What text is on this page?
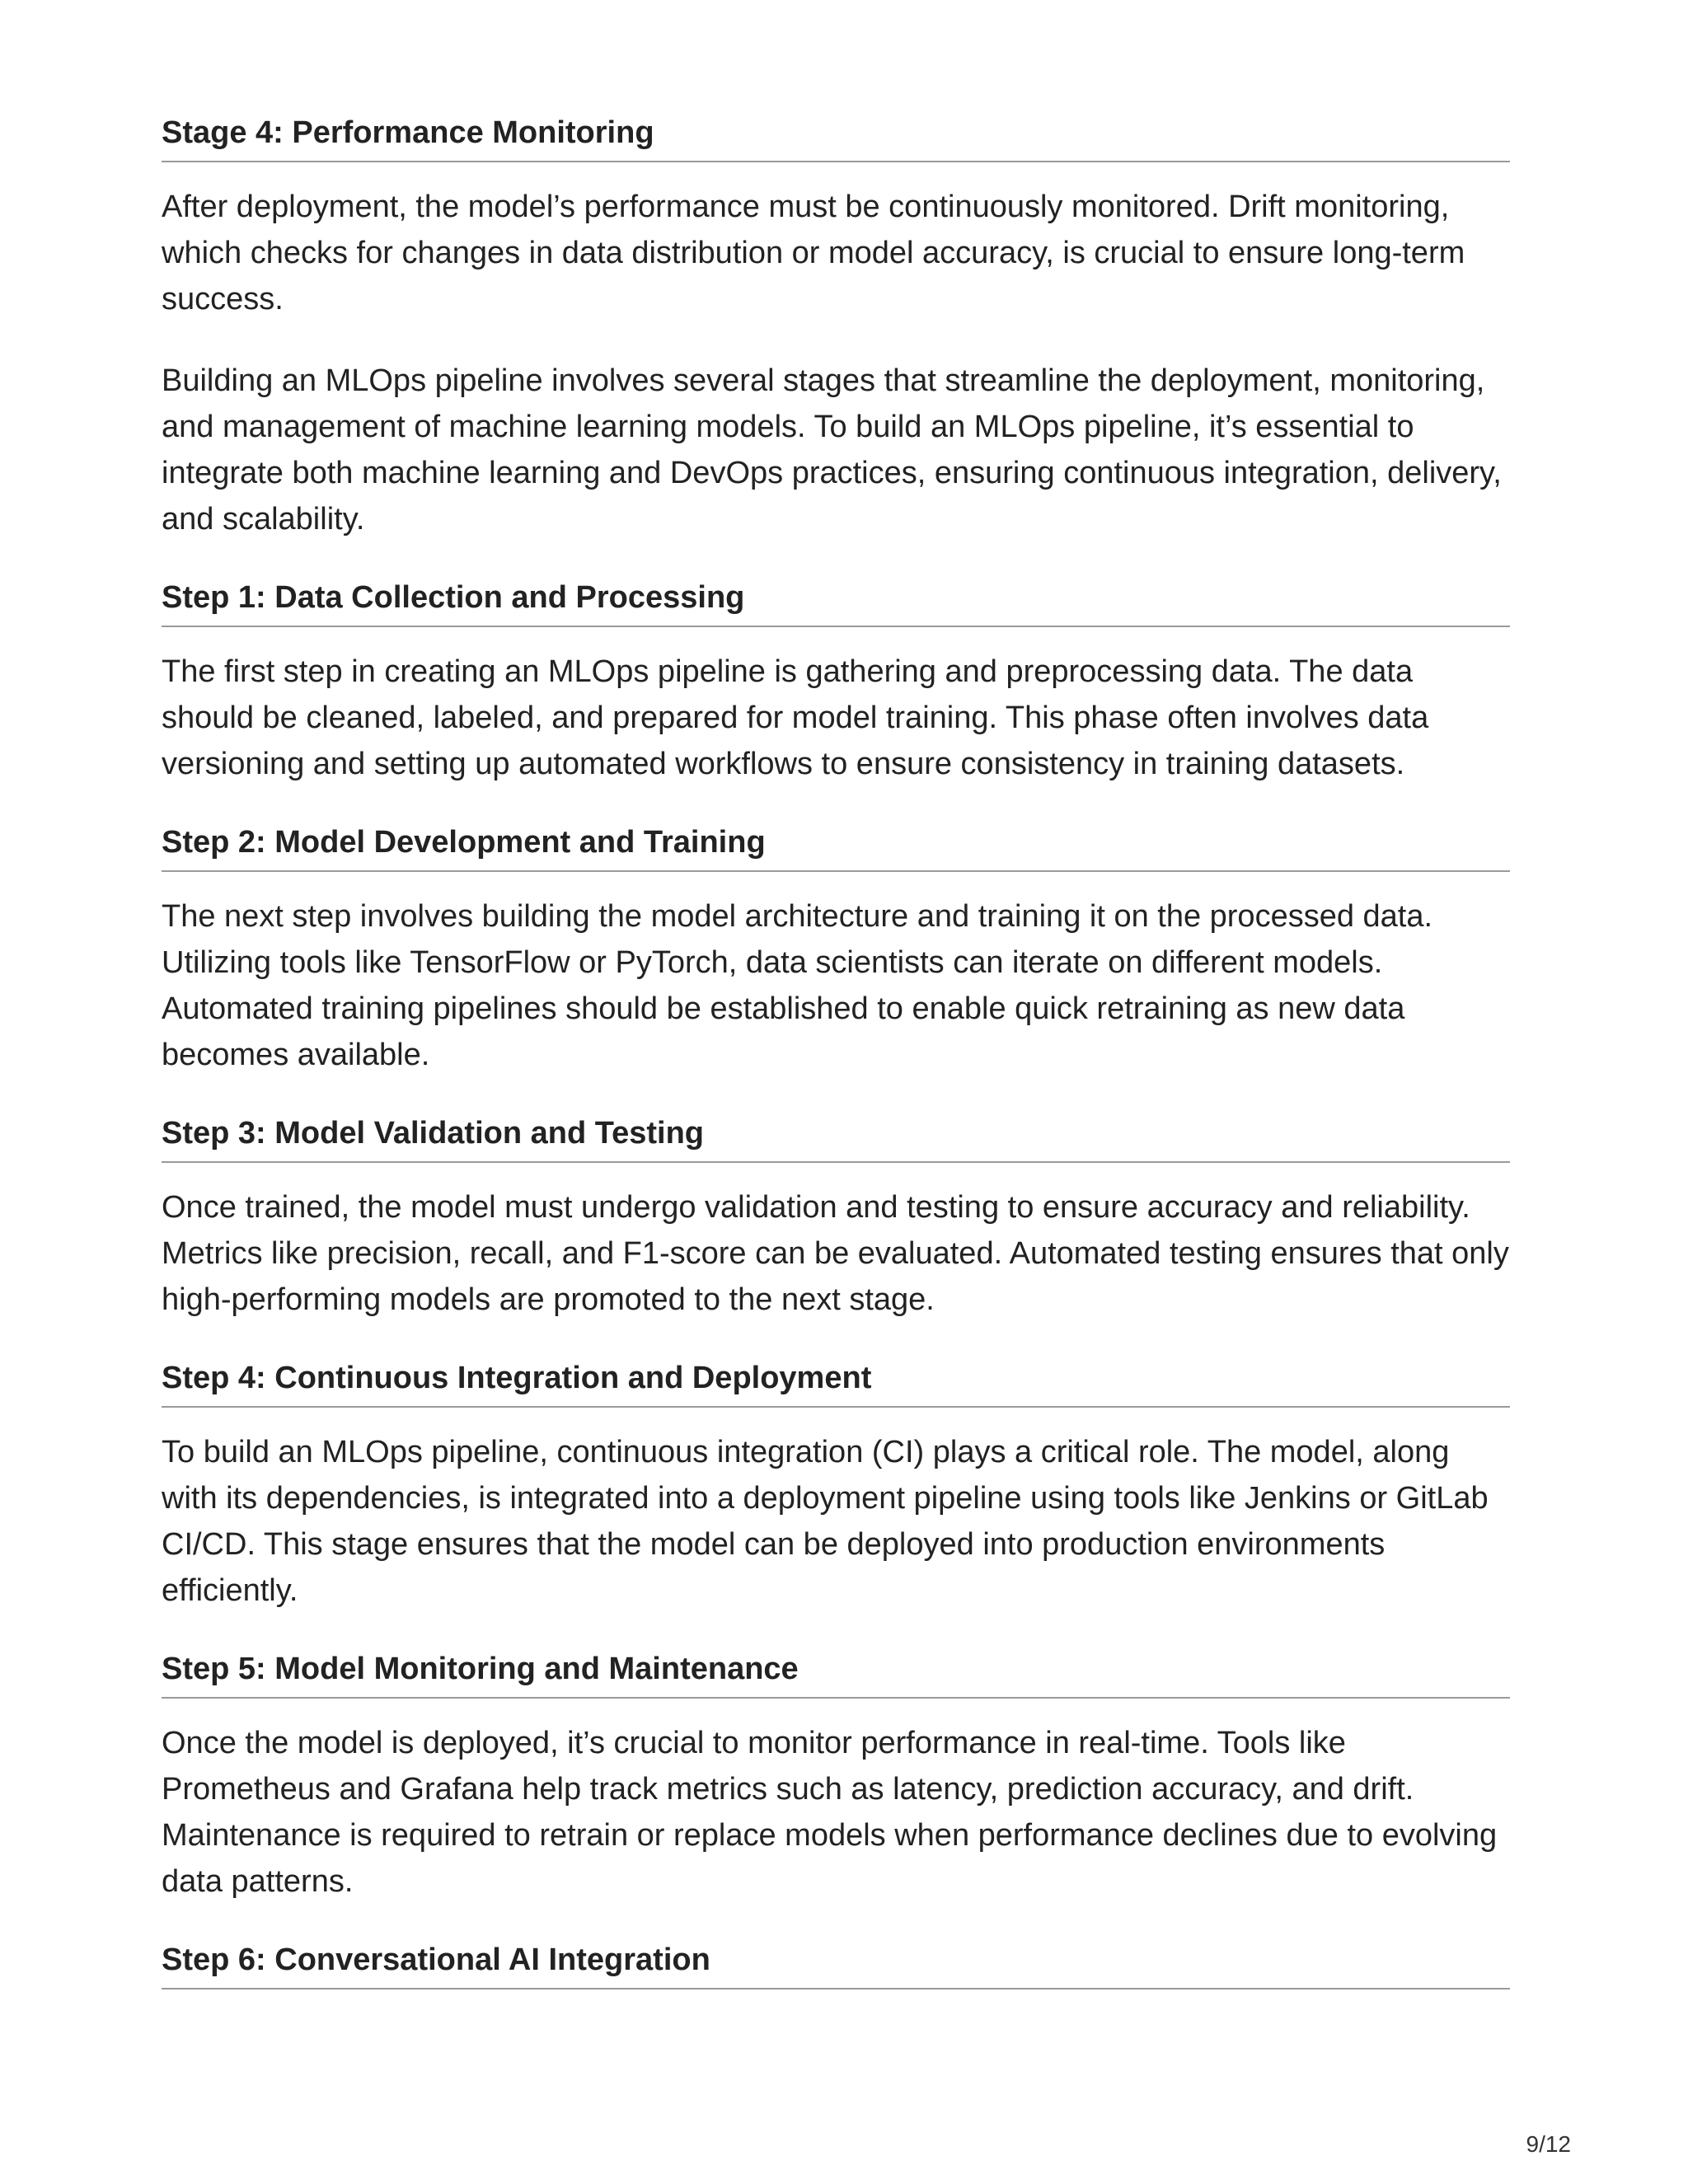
Stage 4: Performance Monitoring

After deployment, the model’s performance must be continuously monitored. Drift monitoring, which checks for changes in data distribution or model accuracy, is crucial to ensure long-term success.

Building an MLOps pipeline involves several stages that streamline the deployment, monitoring, and management of machine learning models. To build an MLOps pipeline, it’s essential to integrate both machine learning and DevOps practices, ensuring continuous integration, delivery, and scalability.

Step 1: Data Collection and Processing

The first step in creating an MLOps pipeline is gathering and preprocessing data. The data should be cleaned, labeled, and prepared for model training. This phase often involves data versioning and setting up automated workflows to ensure consistency in training datasets.

Step 2: Model Development and Training

The next step involves building the model architecture and training it on the processed data. Utilizing tools like TensorFlow or PyTorch, data scientists can iterate on different models. Automated training pipelines should be established to enable quick retraining as new data becomes available.

Step 3: Model Validation and Testing

Once trained, the model must undergo validation and testing to ensure accuracy and reliability. Metrics like precision, recall, and F1-score can be evaluated. Automated testing ensures that only high-performing models are promoted to the next stage.

Step 4: Continuous Integration and Deployment

To build an MLOps pipeline, continuous integration (CI) plays a critical role. The model, along with its dependencies, is integrated into a deployment pipeline using tools like Jenkins or GitLab CI/CD. This stage ensures that the model can be deployed into production environments efficiently.

Step 5: Model Monitoring and Maintenance

Once the model is deployed, it’s crucial to monitor performance in real-time. Tools like Prometheus and Grafana help track metrics such as latency, prediction accuracy, and drift. Maintenance is required to retrain or replace models when performance declines due to evolving data patterns.

Step 6: Conversational AI Integration
9/12
